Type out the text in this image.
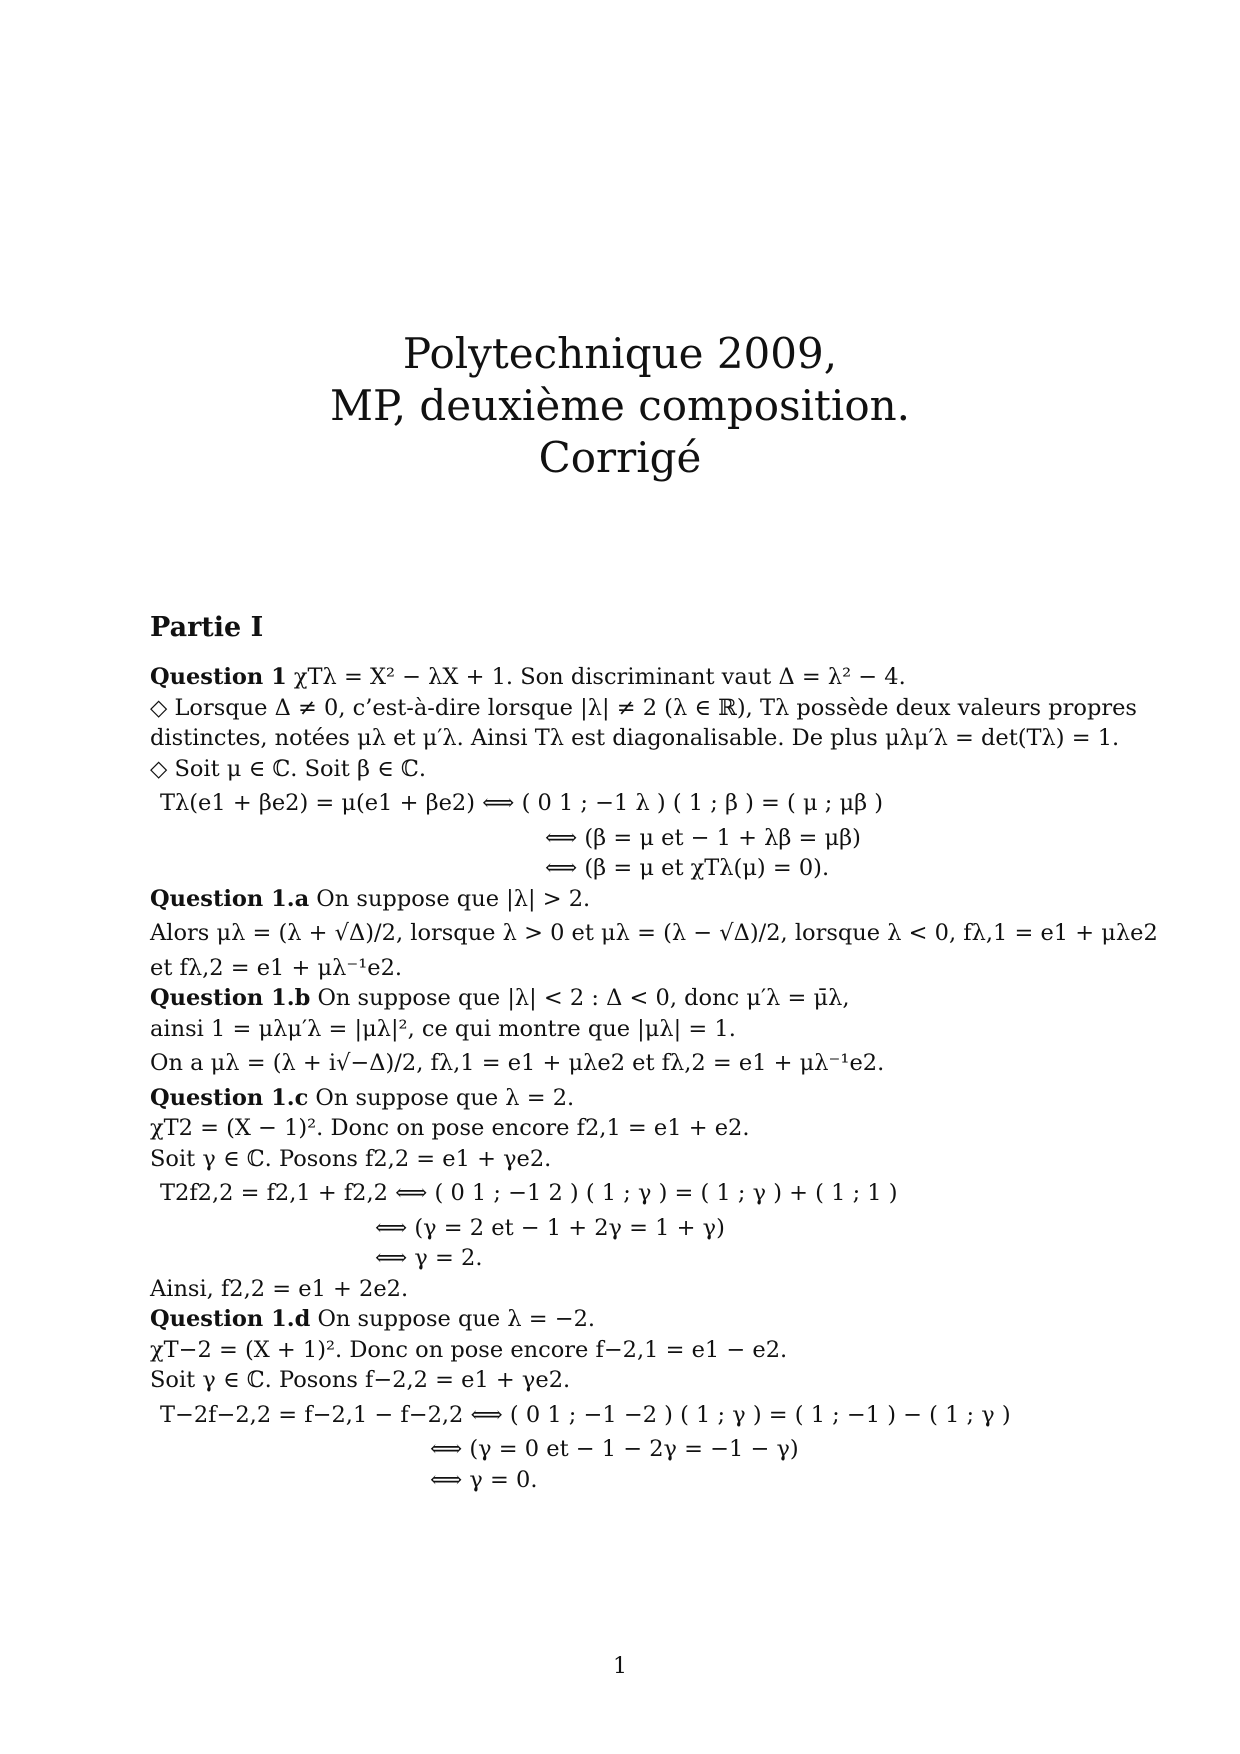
Polytechnique 2009,
MP, deuxième composition.
Corrigé
Partie I
Question 1 χTλ = X² − λX + 1. Son discriminant vaut Δ = λ² − 4.
◇ Lorsque Δ ≠ 0, c’est-à-dire lorsque |λ| ≠ 2 (λ ∈ ℝ), Tλ possède deux valeurs propres
distinctes, notées μλ et μ′λ. Ainsi Tλ est diagonalisable. De plus μλμ′λ = det(Tλ) = 1.
◇ Soit μ ∈ ℂ. Soit β ∈ ℂ.
Tλ(e1 + βe2) = μ(e1 + βe2) ⟺ ( 0 1 ; −1 λ ) ( 1 ; β ) = ( μ ; μβ )
⟺ (β = μ et − 1 + λβ = μβ)
⟺ (β = μ et χTλ(μ) = 0).
Question 1.a On suppose que |λ| > 2.
Alors μλ = (λ + √Δ)/2, lorsque λ > 0 et μλ = (λ − √Δ)/2, lorsque λ < 0, fλ,1 = e1 + μλe2
et fλ,2 = e1 + μλ⁻¹e2.
Question 1.b On suppose que |λ| < 2 : Δ < 0, donc μ′λ = μ̄λ,
ainsi 1 = μλμ′λ = |μλ|², ce qui montre que |μλ| = 1.
On a μλ = (λ + i√−Δ)/2, fλ,1 = e1 + μλe2 et fλ,2 = e1 + μλ⁻¹e2.
Question 1.c On suppose que λ = 2.
χT2 = (X − 1)². Donc on pose encore f2,1 = e1 + e2.
Soit γ ∈ ℂ. Posons f2,2 = e1 + γe2.
T2f2,2 = f2,1 + f2,2 ⟺ ( 0 1 ; −1 2 ) ( 1 ; γ ) = ( 1 ; γ ) + ( 1 ; 1 )
⟺ (γ = 2 et − 1 + 2γ = 1 + γ)
⟺ γ = 2.
Ainsi, f2,2 = e1 + 2e2.
Question 1.d On suppose que λ = −2.
χT−2 = (X + 1)². Donc on pose encore f−2,1 = e1 − e2.
Soit γ ∈ ℂ. Posons f−2,2 = e1 + γe2.
T−2f−2,2 = f−2,1 − f−2,2 ⟺ ( 0 1 ; −1 −2 ) ( 1 ; γ ) = ( 1 ; −1 ) − ( 1 ; γ )
⟺ (γ = 0 et − 1 − 2γ = −1 − γ)
⟺ γ = 0.
1
